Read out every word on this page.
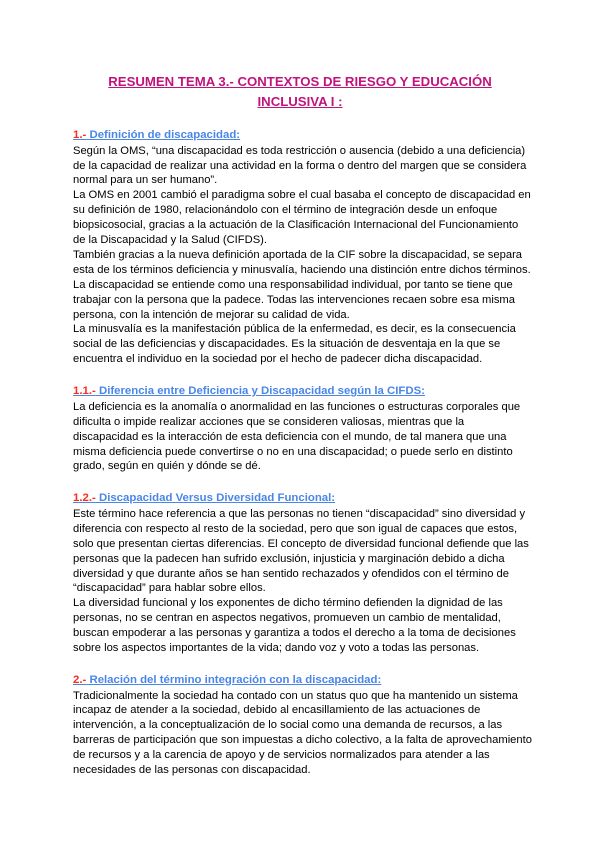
RESUMEN TEMA 3.- CONTEXTOS DE RIESGO Y EDUCACIÓN
INCLUSIVA I :
1.- Definición de discapacidad:
Según la OMS, “una discapacidad es toda restricción o ausencia (debido a una deficiencia)
de la capacidad de realizar una actividad en la forma o dentro del margen que se considera
normal para un ser humano”.
La OMS en 2001 cambió el paradigma sobre el cual basaba el concepto de discapacidad en
su definición de 1980, relacionándolo con el término de integración desde un enfoque
biopsicosocial, gracias a la actuación de la Clasificación Internacional del Funcionamiento
de la Discapacidad y la Salud (CIFDS).
También gracias a la nueva definición aportada de la CIF sobre la discapacidad, se separa
esta de los términos deficiencia y minusvalía, haciendo una distinción entre dichos términos.
La discapacidad se entiende como una responsabilidad individual, por tanto se tiene que
trabajar con la persona que la padece. Todas las intervenciones recaen sobre esa misma
persona, con la intención de mejorar su calidad de vida.
La minusvalía es la manifestación pública de la enfermedad, es decir, es la consecuencia
social de las deficiencias y discapacidades. Es la situación de desventaja en la que se
encuentra el individuo en la sociedad por el hecho de padecer dicha discapacidad.
1.1.- Diferencia entre Deficiencia y Discapacidad según la CIFDS:
La deficiencia es la anomalía o anormalidad en las funciones o estructuras corporales que
dificulta o impide realizar acciones que se consideren valiosas, mientras que la
discapacidad es la interacción de esta deficiencia con el mundo, de tal manera que una
misma deficiencia puede convertirse o no en una discapacidad; o puede serlo en distinto
grado, según en quién y dónde se dé.
1.2.- Discapacidad Versus Diversidad Funcional:
Este término hace referencia a que las personas no tienen “discapacidad” sino diversidad y
diferencia con respecto al resto de la sociedad, pero que son igual de capaces que estos,
solo que presentan ciertas diferencias. El concepto de diversidad funcional defiende que las
personas que la padecen han sufrido exclusión, injusticia y marginación debido a dicha
diversidad y que durante años se han sentido rechazados y ofendidos con el término de
“discapacidad” para hablar sobre ellos.
La diversidad funcional y los exponentes de dicho término defienden la dignidad de las
personas, no se centran en aspectos negativos, promueven un cambio de mentalidad,
buscan empoderar a las personas y garantiza a todos el derecho a la toma de decisiones
sobre los aspectos importantes de la vida; dando voz y voto a todas las personas.
2.- Relación del término integración con la discapacidad:
Tradicionalmente la sociedad ha contado con un status quo que ha mantenido un sistema
incapaz de atender a la sociedad, debido al encasillamiento de las actuaciones de
intervención, a la conceptualización de lo social como una demanda de recursos, a las
barreras de participación que son impuestas a dicho colectivo, a la falta de aprovechamiento
de recursos y a la carencia de apoyo y de servicios normalizados para atender a las
necesidades de las personas con discapacidad.
